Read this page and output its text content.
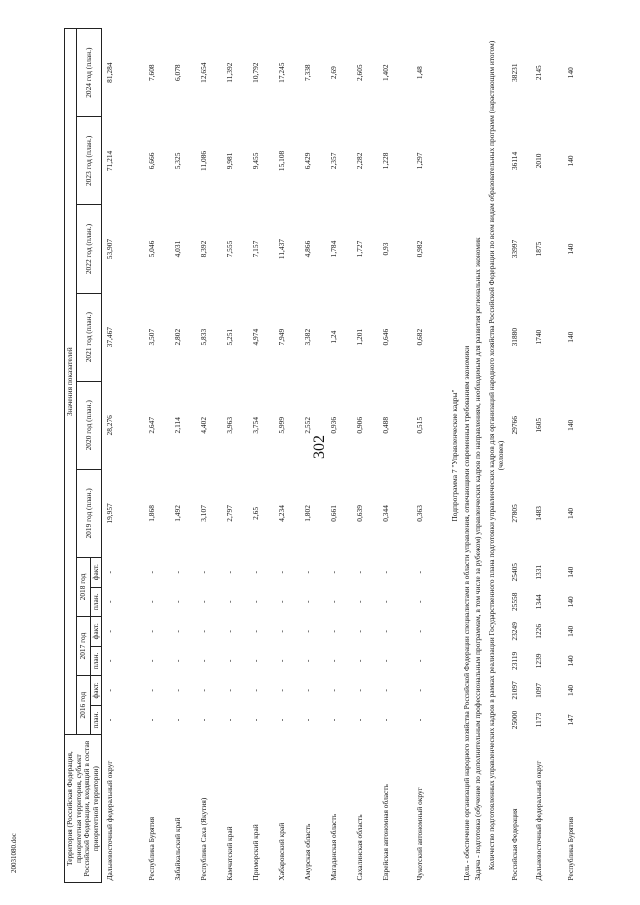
302
20031080.doc	Территория (Российская Федерация, приоритетная территория, субъект Российской Федерации, входящий в состав приоритетной территории)	Значения показателей											
	2016 год		2017 год		2018 год		2019 год (план.)	2020 год (план.)	2021 год (план.)	2022 год (план.)	2023 год (план.)	2024 год (план.)
	план.	факт.	план.	факт.	план.	факт.						
Дальневосточный федеральный округ	-	-	-	-	-	-	19,957	28,276	37,467	53,907	71,214	81,284
Республика Бурятия	-	-	-	-	-	-	1,868	2,647	3,507	5,046	6,666	7,608
Забайкальский край	-	-	-	-	-	-	1,492	2,114	2,802	4,031	5,325	6,078
Республика Саха (Якутия)	-	-	-	-	-	-	3,107	4,402	5,833	8,392	11,086	12,654
Камчатский край	-	-	-	-	-	-	2,797	3,963	5,251	7,555	9,981	11,392
Приморский край	-	-	-	-	-	-	2,65	3,754	4,974	7,157	9,455	10,792
Хабаровский край	-	-	-	-	-	-	4,234	5,999	7,949	11,437	15,108	17,245
Амурская область	-	-	-	-	-	-	1,802	2,552	3,382	4,866	6,429	7,338
Магаданская область	-	-	-	-	-	-	0,661	0,936	1,24	1,784	2,357	2,69
Сахалинская область	-	-	-	-	-	-	0,639	0,906	1,201	1,727	2,282	2,605
Еврейская автономная область	-	-	-	-	-	-	0,344	0,488	0,646	0,93	1,228	1,402
Чукотский автономный округ	-	-	-	-	-	-	0,363	0,515	0,682	0,982	1,297	1,48
Подпрограмма 7 "Управленческие кадры"												
Цель - обеспечение организаций народного хозяйства Российской Федерации специалистами в области управления, отвечающими современным требованиям экономики												
Задача - подготовка (обучение по дополнительным профессиональным программам, в том числе за рубежом) управленческих кадров по направлениям, необходимым для развития региональных экономик												
Количество подготовленных управленческих кадров в рамках реализации Государственного плана подготовки управленческих кадров для организаций народного хозяйства Российской Федерации по всем видам образовательных программ (нарастающим итогом) (человек)												
Российская Федерация	25000	21097	23119	23249	25558	25405	27805	29766	31880	33997	36114	38231
Дальневосточный федеральный округ	1173	1097	1239	1226	1344	1331	1483	1605	1740	1875	2010	2145
Республика Бурятия	147	140	140	140	140	140	140	140	140	140	140	140
